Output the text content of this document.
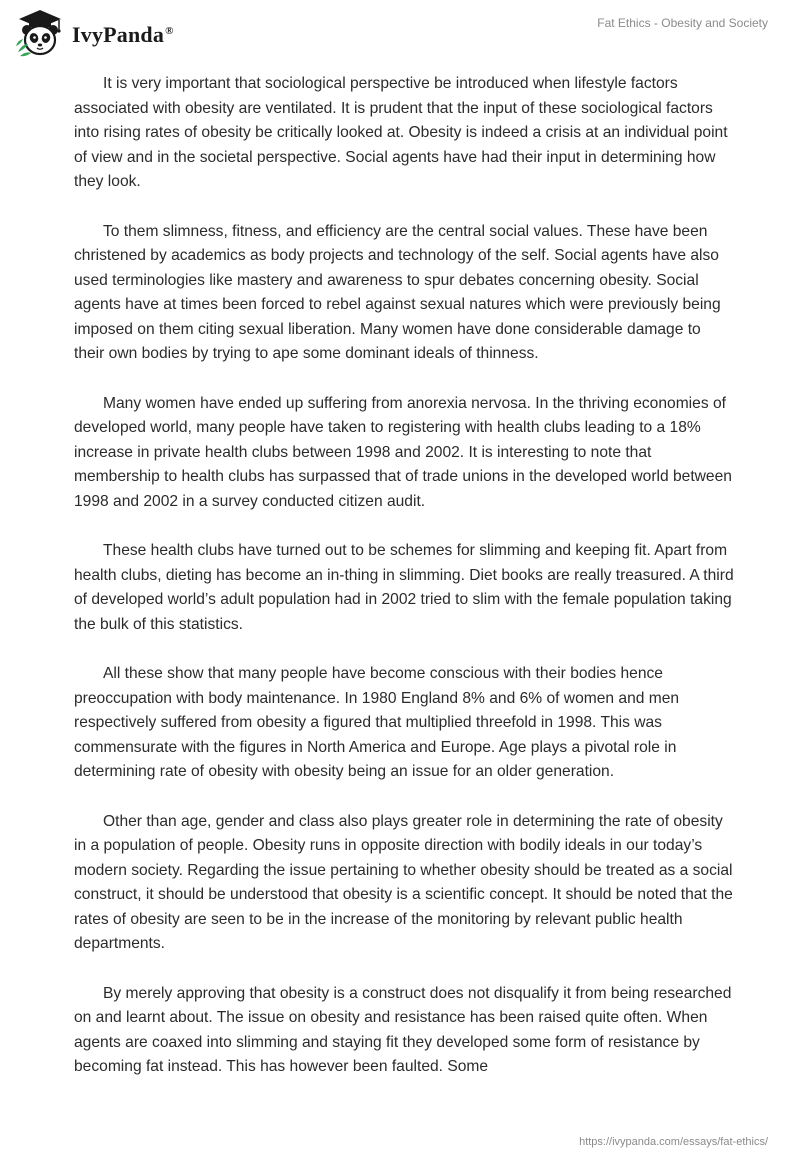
IvyPanda®
Fat Ethics - Obesity and Society

It is very important that sociological perspective be introduced when lifestyle factors associated with obesity are ventilated. It is prudent that the input of these sociological factors into rising rates of obesity be critically looked at. Obesity is indeed a crisis at an individual point of view and in the societal perspective. Social agents have had their input in determining how they look.

To them slimness, fitness, and efficiency are the central social values. These have been christened by academics as body projects and technology of the self. Social agents have also used terminologies like mastery and awareness to spur debates concerning obesity. Social agents have at times been forced to rebel against sexual natures which were previously being imposed on them citing sexual liberation. Many women have done considerable damage to their own bodies by trying to ape some dominant ideals of thinness.

Many women have ended up suffering from anorexia nervosa. In the thriving economies of developed world, many people have taken to registering with health clubs leading to a 18% increase in private health clubs between 1998 and 2002. It is interesting to note that membership to health clubs has surpassed that of trade unions in the developed world between 1998 and 2002 in a survey conducted citizen audit.

These health clubs have turned out to be schemes for slimming and keeping fit. Apart from health clubs, dieting has become an in-thing in slimming. Diet books are really treasured. A third of developed world’s adult population had in 2002 tried to slim with the female population taking the bulk of this statistics.

All these show that many people have become conscious with their bodies hence preoccupation with body maintenance. In 1980 England 8% and 6% of women and men respectively suffered from obesity a figured that multiplied threefold in 1998. This was commensurate with the figures in North America and Europe. Age plays a pivotal role in determining rate of obesity with obesity being an issue for an older generation.

Other than age, gender and class also plays greater role in determining the rate of obesity in a population of people. Obesity runs in opposite direction with bodily ideals in our today’s modern society. Regarding the issue pertaining to whether obesity should be treated as a social construct, it should be understood that obesity is a scientific concept. It should be noted that the rates of obesity are seen to be in the increase of the monitoring by relevant public health departments.

By merely approving that obesity is a construct does not disqualify it from being researched on and learnt about. The issue on obesity and resistance has been raised quite often. When agents are coaxed into slimming and staying fit they developed some form of resistance by becoming fat instead. This has however been faulted. Some

https://ivypanda.com/essays/fat-ethics/
